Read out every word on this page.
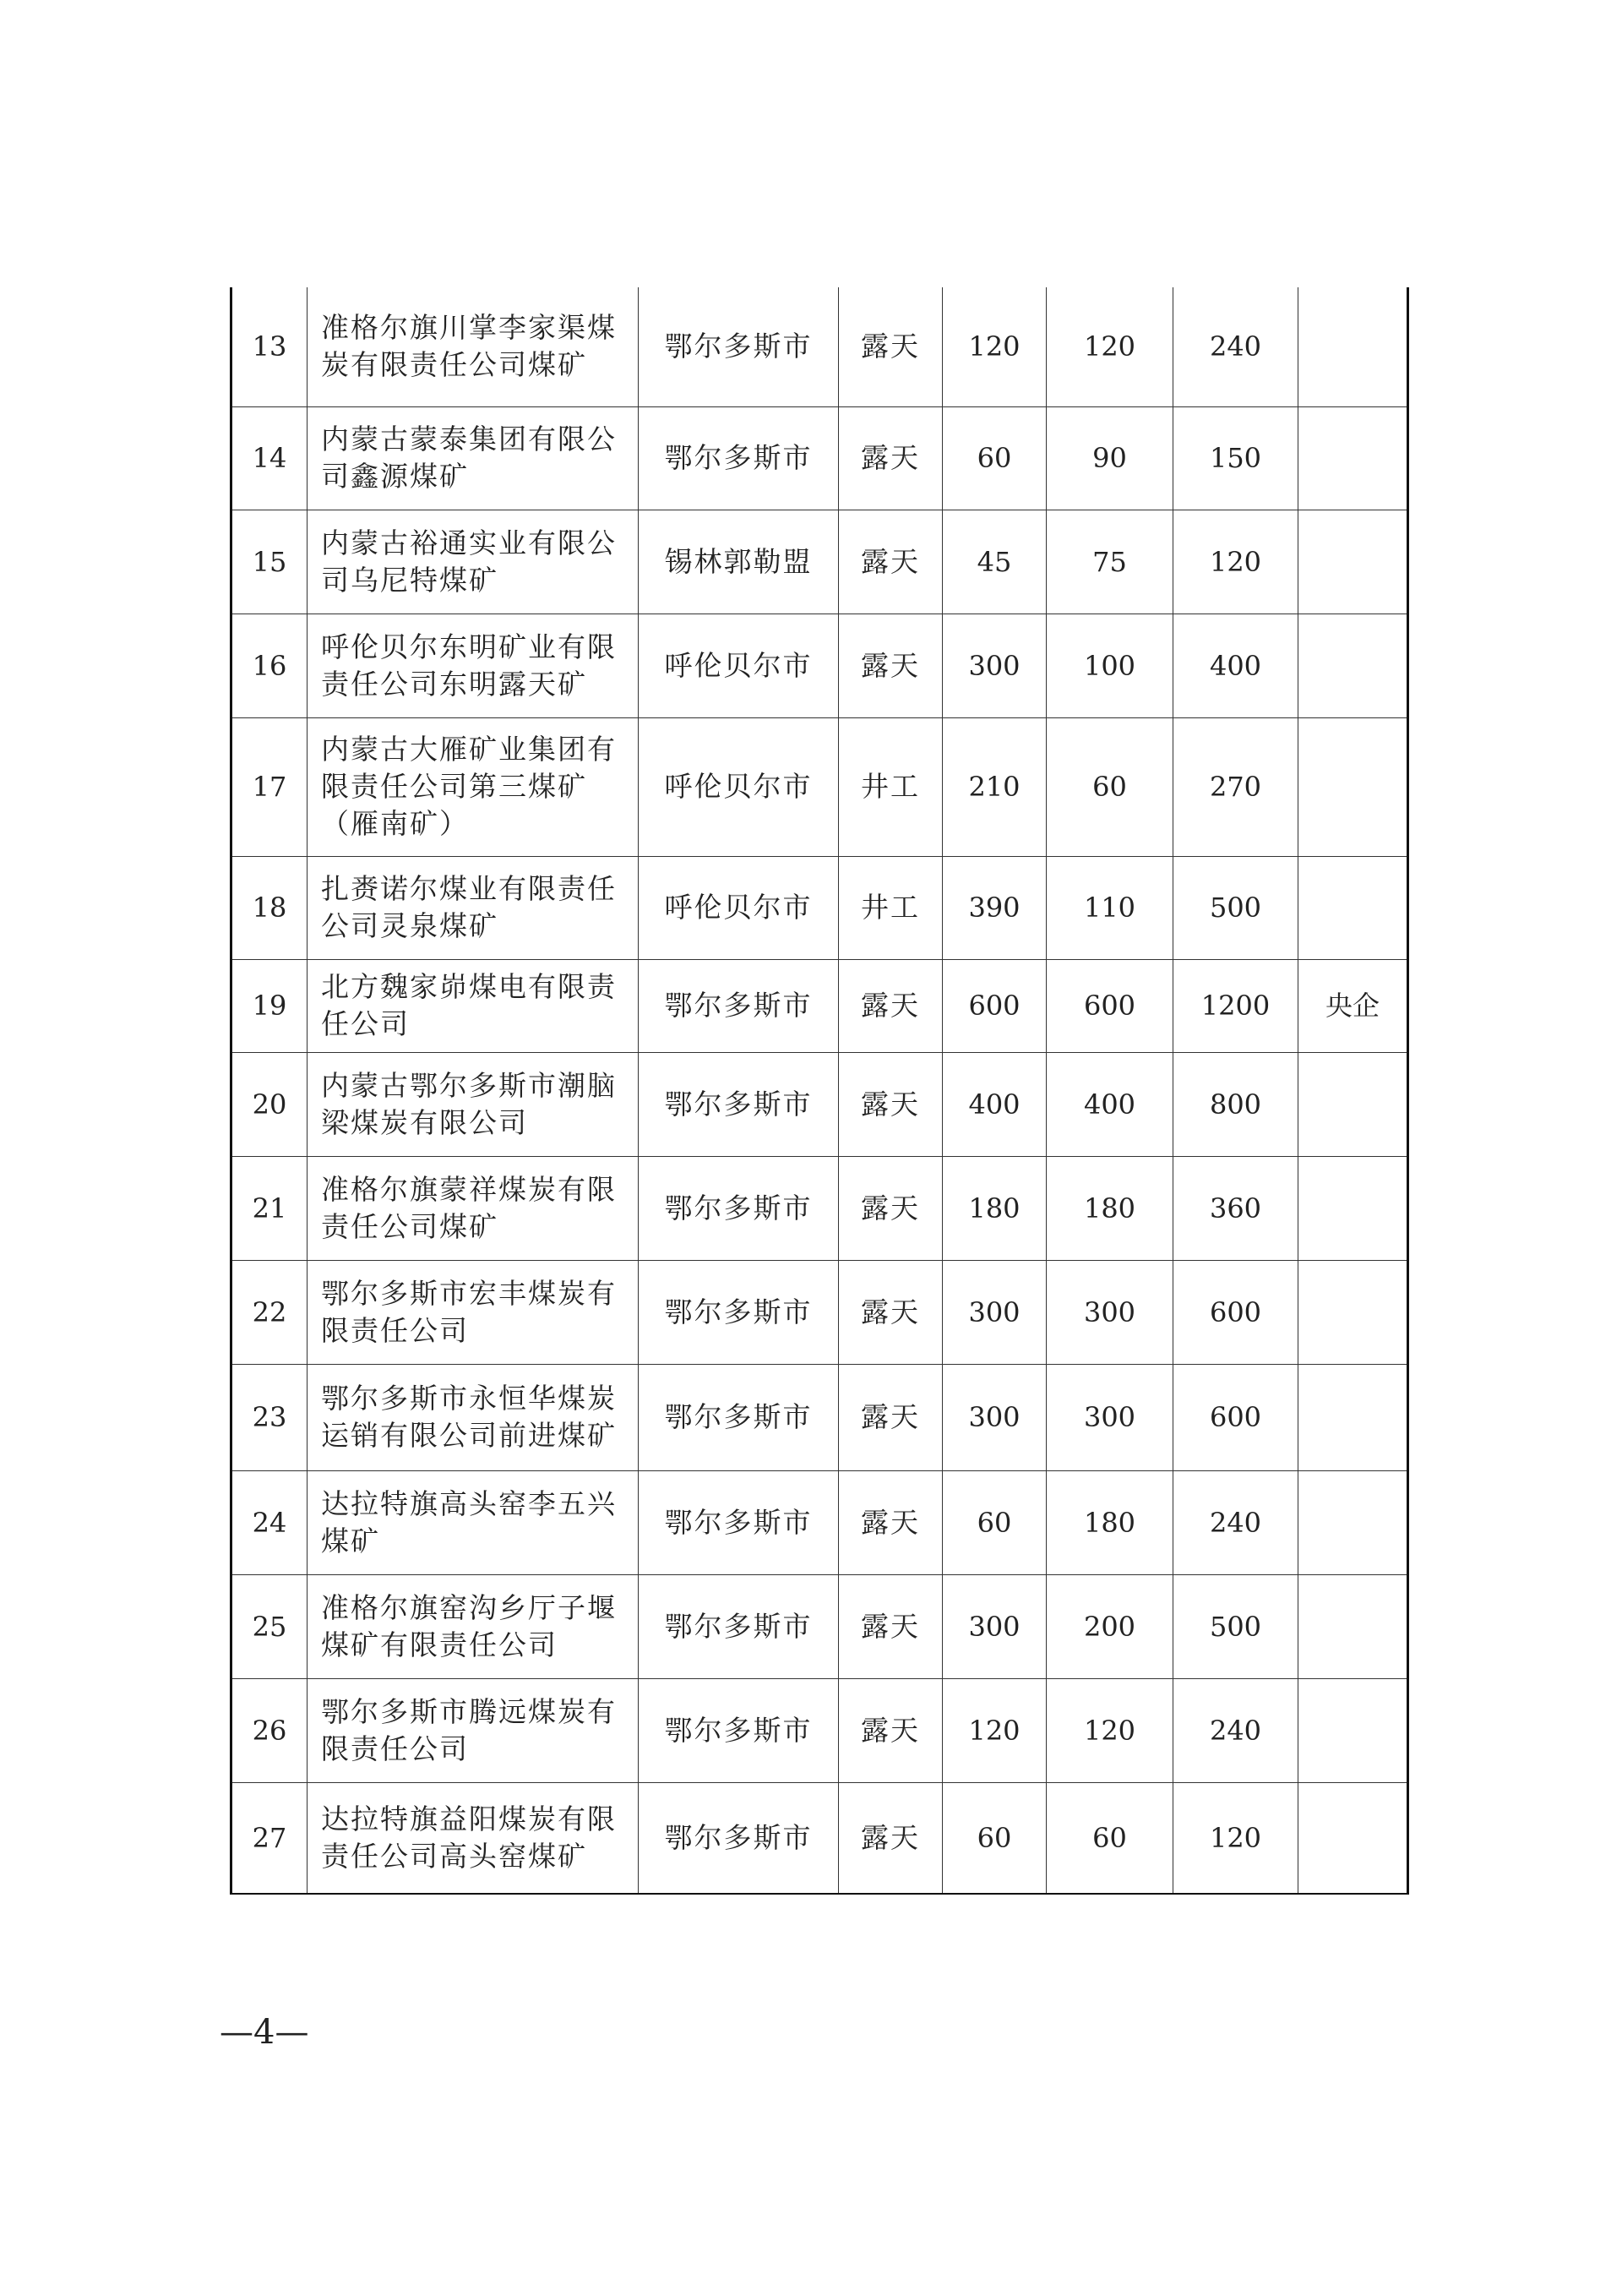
13	准格尔旗川掌李家渠煤炭有限责任公司煤矿	鄂尔多斯市	露天	120	120	240	
14	内蒙古蒙泰集团有限公司鑫源煤矿	鄂尔多斯市	露天	60	90	150	
15	内蒙古裕通实业有限公司乌尼特煤矿	锡林郭勒盟	露天	45	75	120	
16	呼伦贝尔东明矿业有限责任公司东明露天矿	呼伦贝尔市	露天	300	100	400	
17	内蒙古大雁矿业集团有限责任公司第三煤矿（雁南矿）	呼伦贝尔市	井工	210	60	270	
18	扎赉诺尔煤业有限责任公司灵泉煤矿	呼伦贝尔市	井工	390	110	500	
19	北方魏家峁煤电有限责任公司	鄂尔多斯市	露天	600	600	1200	央企
20	内蒙古鄂尔多斯市潮脑梁煤炭有限公司	鄂尔多斯市	露天	400	400	800	
21	准格尔旗蒙祥煤炭有限责任公司煤矿	鄂尔多斯市	露天	180	180	360	
22	鄂尔多斯市宏丰煤炭有限责任公司	鄂尔多斯市	露天	300	300	600	
23	鄂尔多斯市永恒华煤炭运销有限公司前进煤矿	鄂尔多斯市	露天	300	300	600	
24	达拉特旗高头窑李五兴煤矿	鄂尔多斯市	露天	60	180	240	
25	准格尔旗窑沟乡厅子堰煤矿有限责任公司	鄂尔多斯市	露天	300	200	500	
26	鄂尔多斯市腾远煤炭有限责任公司	鄂尔多斯市	露天	120	120	240	
27	达拉特旗益阳煤炭有限责任公司高头窑煤矿	鄂尔多斯市	露天	60	60	120	
—4—
